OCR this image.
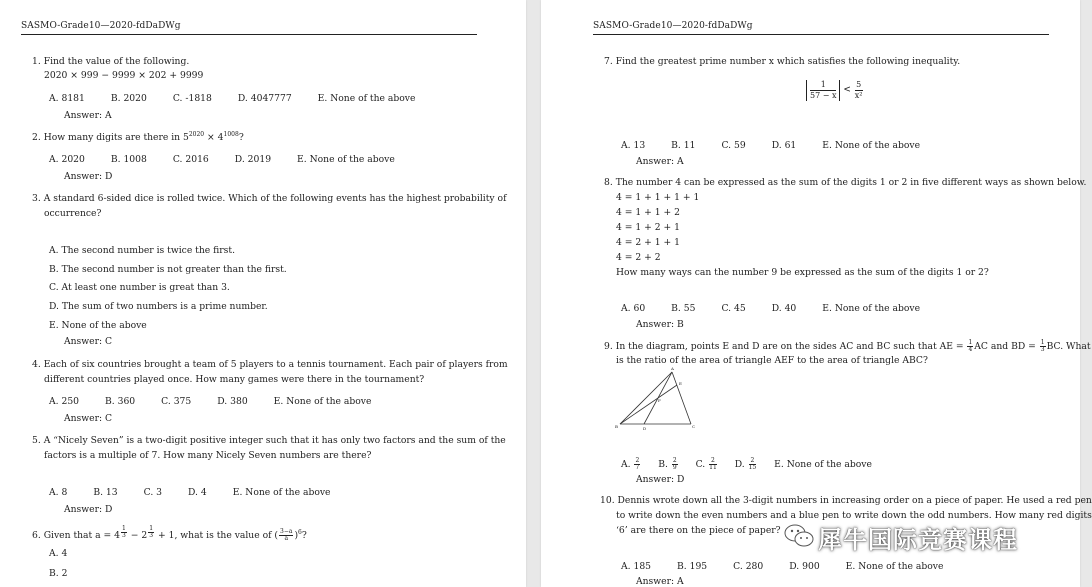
SASMO-Grade10—2020-fdDaDWg
1. Find the value of the following.
2020 × 999 − 9999 × 202 + 9999
A. 8181	B. 2020	C. -1818	D. 4047777	E. None of the above
Answer: A
2. How many digits are there in $5^{2020} \times 4^{1008}$?
A. 2020	B. 1008	C. 2016	D. 2019	E. None of the above
Answer: D
3. A standard 6-sided dice is rolled twice. Which of the following events has the highest probability of
occurrence?
A. The second number is twice the first.
B. The second number is not greater than the first.
C. At least one number is great than 3.
D. The sum of two numbers is a prime number.
E. None of the above
Answer: C
4. Each of six countries brought a team of 5 players to a tennis tournament. Each pair of players from
different countries played once. How many games were there in the tournament?
A. 250	B. 360	C. 375	D. 380	E. None of the above
Answer: C
5. A “Nicely Seven” is a two-digit positive integer such that it has only two factors and the sum of the
factors is a multiple of 7. How many Nicely Seven numbers are there?
A. 8	B. 13	C. 3	D. 4	E. None of the above
Answer: D
6. Given that a = 4 $^{\frac{1}{3}}$ − 2 $^{\frac{1}{3}}$ + 1, what is the value of ( $\frac{3-a}{a} )^6$?
A. 4
B. 2
SASMO-Grade10—2020-fdDaDWg
7. Find the greatest prime number x which satisfies the following inequality.
$\frac{1}{57 - x} < \frac{5}{\text{x²}}$
A. 13	B. 11	C. 59	D. 61	E. None of the above
Answer: A
8. The number 4 can be expressed as the sum of the digits 1 or 2 in five different ways as shown below.
4 = 1 + 1 + 1 + 1
4 = 1 + 1 + 2
4 = 1 + 2 + 1
4 = 2 + 1 + 1
4 = 2 + 2
How many ways can the number 9 be expressed as the sum of the digits 1 or 2?
A. 60	B. 55	C. 45	D. 40	E. None of the above
Answer: B
9. In the diagram, points E and D are on the sides AC and BC such that AE = $\frac{1}{4}$ AC and BD = $\frac{1}{3}$ BC. What
is the ratio of the area of triangle AEF to the area of triangle ABC?
A
B	C
D
E
F
A. $\frac{2}{7} B$. $\frac{2}{9} C$. $\frac{2}{11} D$. $\frac{2}{15} E$. None of the above
Answer: D
10. Dennis wrote down all the 3-digit numbers in increasing order on a piece of paper. He used a red pen
to write down the even numbers and a blue pen to write down the odd numbers. How many red digits
‘6’ are there on the piece of paper?
A. 185	B. 195	C. 280	D. 900	E. None of the above
Answer: A
犀牛国际竞赛课程
